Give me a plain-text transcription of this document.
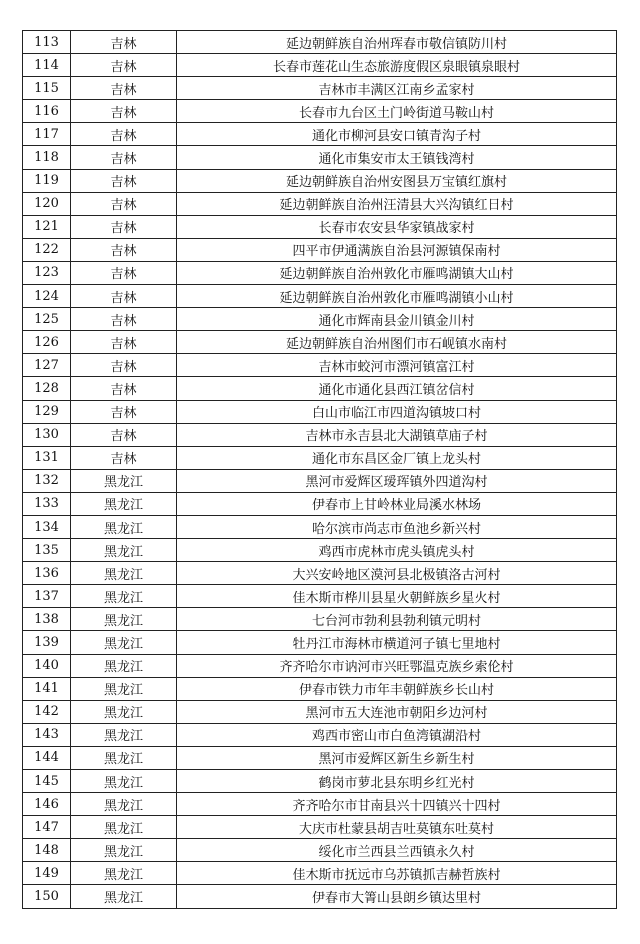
113	吉林	延边朝鲜族自治州珲春市敬信镇防川村
114	吉林	长春市莲花山生态旅游度假区泉眼镇泉眼村
115	吉林	吉林市丰满区江南乡孟家村
116	吉林	长春市九台区土门岭街道马鞍山村
117	吉林	通化市柳河县安口镇青沟子村
118	吉林	通化市集安市太王镇钱湾村
119	吉林	延边朝鲜族自治州安图县万宝镇红旗村
120	吉林	延边朝鲜族自治州汪清县大兴沟镇红日村
121	吉林	长春市农安县华家镇战家村
122	吉林	四平市伊通满族自治县河源镇保南村
123	吉林	延边朝鲜族自治州敦化市雁鸣湖镇大山村
124	吉林	延边朝鲜族自治州敦化市雁鸣湖镇小山村
125	吉林	通化市辉南县金川镇金川村
126	吉林	延边朝鲜族自治州图们市石岘镇水南村
127	吉林	吉林市蛟河市漂河镇富江村
128	吉林	通化市通化县西江镇岔信村
129	吉林	白山市临江市四道沟镇坡口村
130	吉林	吉林市永吉县北大湖镇草庙子村
131	吉林	通化市东昌区金厂镇上龙头村
132	黑龙江	黑河市爱辉区瑷珲镇外四道沟村
133	黑龙江	伊春市上甘岭林业局溪水林场
134	黑龙江	哈尔滨市尚志市鱼池乡新兴村
135	黑龙江	鸡西市虎林市虎头镇虎头村
136	黑龙江	大兴安岭地区漠河县北极镇洛古河村
137	黑龙江	佳木斯市桦川县星火朝鲜族乡星火村
138	黑龙江	七台河市勃利县勃利镇元明村
139	黑龙江	牡丹江市海林市横道河子镇七里地村
140	黑龙江	齐齐哈尔市讷河市兴旺鄂温克族乡索伦村
141	黑龙江	伊春市铁力市年丰朝鲜族乡长山村
142	黑龙江	黑河市五大连池市朝阳乡边河村
143	黑龙江	鸡西市密山市白鱼湾镇湖沿村
144	黑龙江	黑河市爱辉区新生乡新生村
145	黑龙江	鹤岗市萝北县东明乡红光村
146	黑龙江	齐齐哈尔市甘南县兴十四镇兴十四村
147	黑龙江	大庆市杜蒙县胡吉吐莫镇东吐莫村
148	黑龙江	绥化市兰西县兰西镇永久村
149	黑龙江	佳木斯市抚远市乌苏镇抓吉赫哲族村
150	黑龙江	伊春市大箐山县朗乡镇达里村
